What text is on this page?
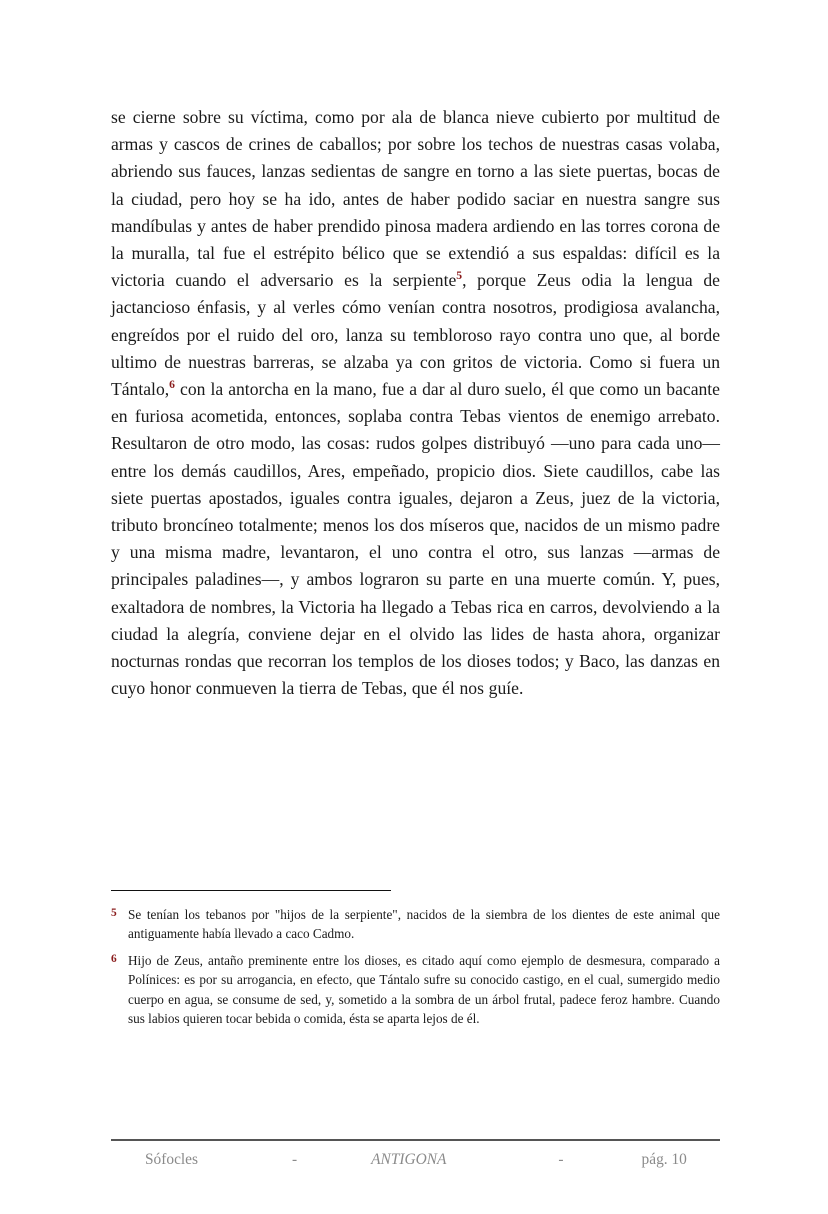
se cierne sobre su víctima, como por ala de blanca nieve cubierto por multitud de armas y cascos de crines de caballos; por sobre los techos de nuestras casas volaba, abriendo sus fauces, lanzas sedientas de sangre en torno a las siete puertas, bocas de la ciudad, pero hoy se ha ido, antes de haber podido saciar en nuestra sangre sus mandíbulas y antes de haber prendido pinosa madera ardiendo en las torres corona de la muralla, tal fue el estrépito bélico que se extendió a sus espaldas: difícil es la victoria cuando el adversario es la serpiente$^5$, porque Zeus odia la lengua de jactancioso énfasis, y al verles cómo venían contra nosotros, prodigiosa avalancha, engreídos por el ruido del oro, lanza su tembloroso rayo contra uno que, al borde ultimo de nuestras barreras, se alzaba ya con gritos de victoria. Como si fuera un Tántalo,$^6$ con la antorcha en la mano, fue a dar al duro suelo, él que como un bacante en furiosa acometida, entonces, soplaba contra Tebas vientos de enemigo arrebato. Resultaron de otro modo, las cosas: rudos golpes distribuyó —uno para cada uno— entre los demás caudillos, Ares, empeñado, propicio dios. Siete caudillos, cabe las siete puertas apostados, iguales contra iguales, dejaron a Zeus, juez de la victoria, tributo broncíneo totalmente; menos los dos míseros que, nacidos de un mismo padre y una misma madre, levantaron, el uno contra el otro, sus lanzas —armas de principales paladines—, y ambos lograron su parte en una muerte común. Y, pues, exaltadora de nombres, la Victoria ha llegado a Tebas rica en carros, devolviendo a la ciudad la alegría, conviene dejar en el olvido las lides de hasta ahora, organizar nocturnas rondas que recorran los templos de los dioses todos; y Baco, las danzas en cuyo honor conmueven la tierra de Tebas, que él nos guíe.

5 Se tenían los tebanos por "hijos de la serpiente", nacidos de la siembra de los dientes de este animal que antiguamente había llevado a caco Cadmo.

6 Hijo de Zeus, antaño preminente entre los dioses, es citado aquí como ejemplo de desmesura, comparado a Polínices: es por su arrogancia, en efecto, que Tántalo sufre su conocido castigo, en el cual, sumergido medio cuerpo en agua, se consume de sed, y, sometido a la sombra de un árbol frutal, padece feroz hambre. Cuando sus labios quieren tocar bebida o comida, ésta se aparta lejos de él.

Sófocles	-	ANTIGONA	-	pág. 10
